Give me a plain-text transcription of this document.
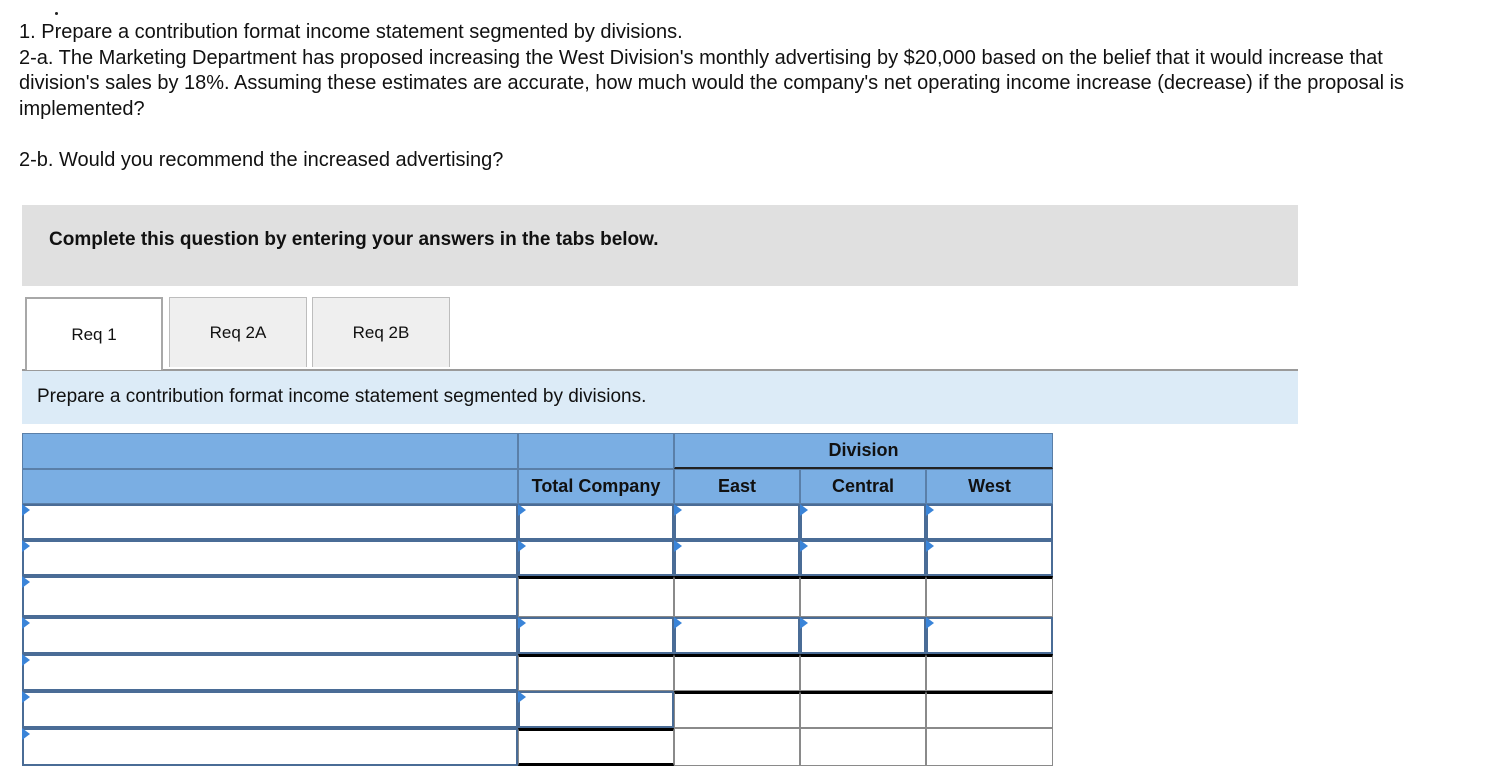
1. Prepare a contribution format income statement segmented by divisions.

2-a. The Marketing Department has proposed increasing the West Division's monthly advertising by $20,000 based on the belief that it would increase that division's sales by 18%. Assuming these estimates are accurate, how much would the company's net operating income increase (decrease) if the proposal is implemented?

2-b. Would you recommend the increased advertising?

Complete this question by entering your answers in the tabs below.
Req 1	Req 2A	Req 2B
Prepare a contribution format income statement segmented by divisions.
Division
Total Company	East	Central	West
